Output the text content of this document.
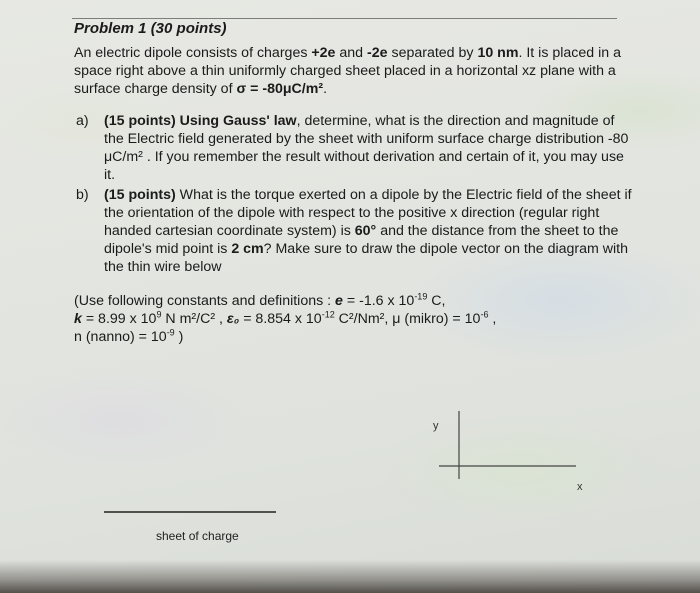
Problem 1 (30 points)

An electric dipole consists of charges +2e and -2e separated by 10 nm. It is placed in a space right above a thin uniformly charged sheet placed in a horizontal xz plane with a surface charge density of σ = -80μC/m².

a) (15 points) Using Gauss' law, determine, what is the direction and magnitude of the Electric field generated by the sheet with uniform surface charge distribution -80 μC/m² . If you remember the result without derivation and certain of it, you may use it.
b) (15 points) What is the torque exerted on a dipole by the Electric field of the sheet if the orientation of the dipole with respect to the positive x direction (regular right handed cartesian coordinate system) is 60° and the distance from the sheet to the dipole's mid point is 2 cm? Make sure to draw the dipole vector on the diagram with the thin wire below
(Use following constants and definitions : e = -1.6 x $10^{-19}$ C,
k = 8.99 x $10^9$ N m²/C² , ε₀ = 8.854 x $10^{-12}$ C²/Nm², μ (mikro) = $10^{-6}$ ,
n (nanno) = $10^{-9}$ )
y
x
sheet of charge
